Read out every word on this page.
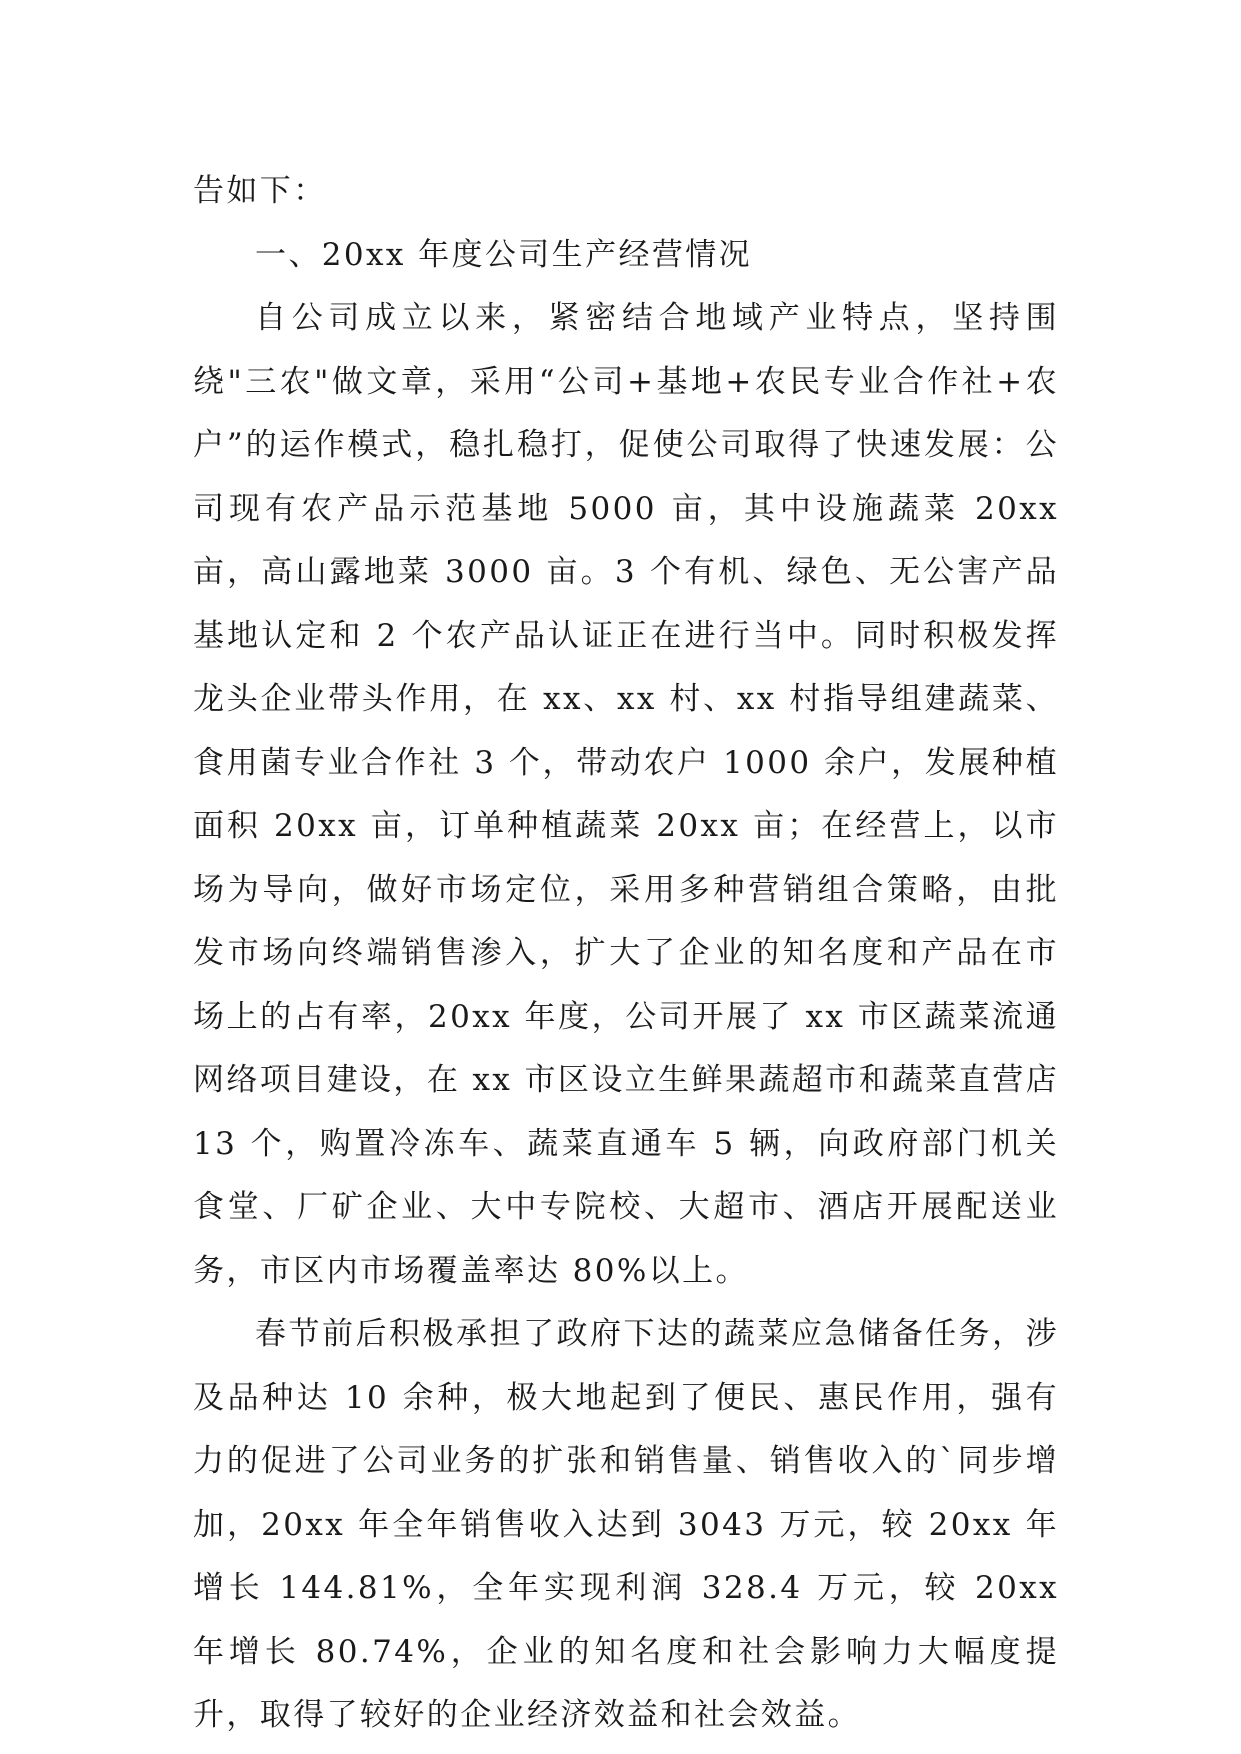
告如下：

一、20xx 年度公司生产经营情况

自公司成立以来，紧密结合地域产业特点，坚持围绕"三农"做文章，采用“公司+基地+农民专业合作社+农户”的运作模式，稳扎稳打，促使公司取得了快速发展：公司现有农产品示范基地 5000 亩，其中设施蔬菜 20xx 亩，高山露地菜 3000 亩。3 个有机、绿色、无公害产品基地认定和 2 个农产品认证正在进行当中。同时积极发挥龙头企业带头作用，在 xx、xx 村、xx 村指导组建蔬菜、食用菌专业合作社 3 个，带动农户 1000 余户，发展种植面积 20xx 亩，订单种植蔬菜 20xx 亩；在经营上，以市场为导向，做好市场定位，采用多种营销组合策略，由批发市场向终端销售渗入，扩大了企业的知名度和产品在市场上的占有率，20xx 年度，公司开展了 xx 市区蔬菜流通网络项目建设，在 xx 市区设立生鲜果蔬超市和蔬菜直营店 13 个，购置冷冻车、蔬菜直通车 5 辆，向政府部门机关食堂、厂矿企业、大中专院校、大超市、酒店开展配送业务，市区内市场覆盖率达 80%以上。

春节前后积极承担了政府下达的蔬菜应急储备任务，涉及品种达 10 余种，极大地起到了便民、惠民作用，强有力的促进了公司业务的扩张和销售量、销售收入的`同步增加，20xx 年全年销售收入达到 3043 万元，较 20xx 年增长 144.81%，全年实现利润 328.4 万元，较 20xx 年增长 80.74%，企业的知名度和社会影响力大幅度提升，取得了较好的企业经济效益和社会效益。
